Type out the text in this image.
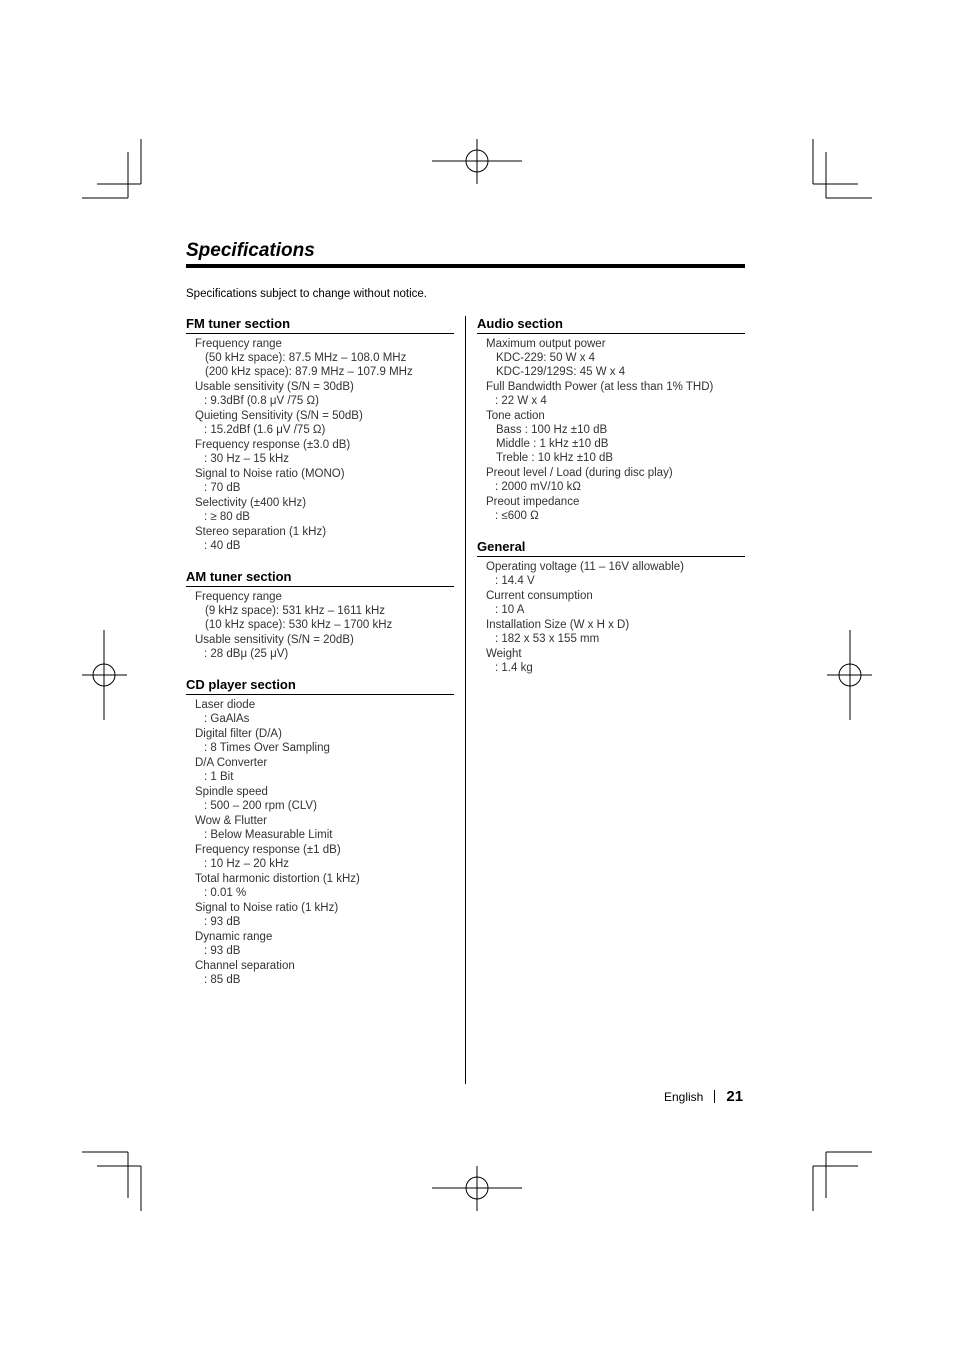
Specifications
Specifications subject to change without notice.
FM tuner section
Frequency range
(50 kHz space): 87.5 MHz – 108.0 MHz
(200 kHz space): 87.9 MHz – 107.9 MHz
Usable sensitivity (S/N = 30dB)
: 9.3dBf (0.8 μV /75 Ω)
Quieting Sensitivity (S/N = 50dB)
: 15.2dBf (1.6 μV /75 Ω)
Frequency response (±3.0 dB)
: 30 Hz – 15 kHz
Signal to Noise ratio (MONO)
: 70 dB
Selectivity (±400 kHz)
: ≥ 80 dB
Stereo separation (1 kHz)
: 40 dB
AM tuner section
Frequency range
(9 kHz space): 531 kHz – 1611 kHz
(10 kHz space): 530 kHz – 1700 kHz
Usable sensitivity (S/N = 20dB)
: 28 dBμ (25 μV)
CD player section
Laser diode
: GaAlAs
Digital filter (D/A)
: 8 Times Over Sampling
D/A Converter
: 1 Bit
Spindle speed
: 500 – 200 rpm (CLV)
Wow & Flutter
: Below Measurable Limit
Frequency response (±1 dB)
: 10 Hz – 20 kHz
Total harmonic distortion (1 kHz)
: 0.01 %
Signal to Noise ratio (1 kHz)
: 93 dB
Dynamic range
: 93 dB
Channel separation
: 85 dB
Audio section
Maximum output power
KDC-229: 50 W x 4
KDC-129/129S: 45 W x 4
Full Bandwidth Power (at less than 1% THD)
: 22 W x 4
Tone action
Bass : 100 Hz ±10 dB
Middle : 1 kHz ±10 dB
Treble : 10 kHz ±10 dB
Preout level / Load (during disc play)
: 2000 mV/10 kΩ
Preout impedance
: ≤600 Ω
General
Operating voltage (11 – 16V allowable)
: 14.4 V
Current consumption
: 10 A
Installation Size (W x H x D)
: 182 x 53 x 155 mm
Weight
: 1.4 kg
English 21
